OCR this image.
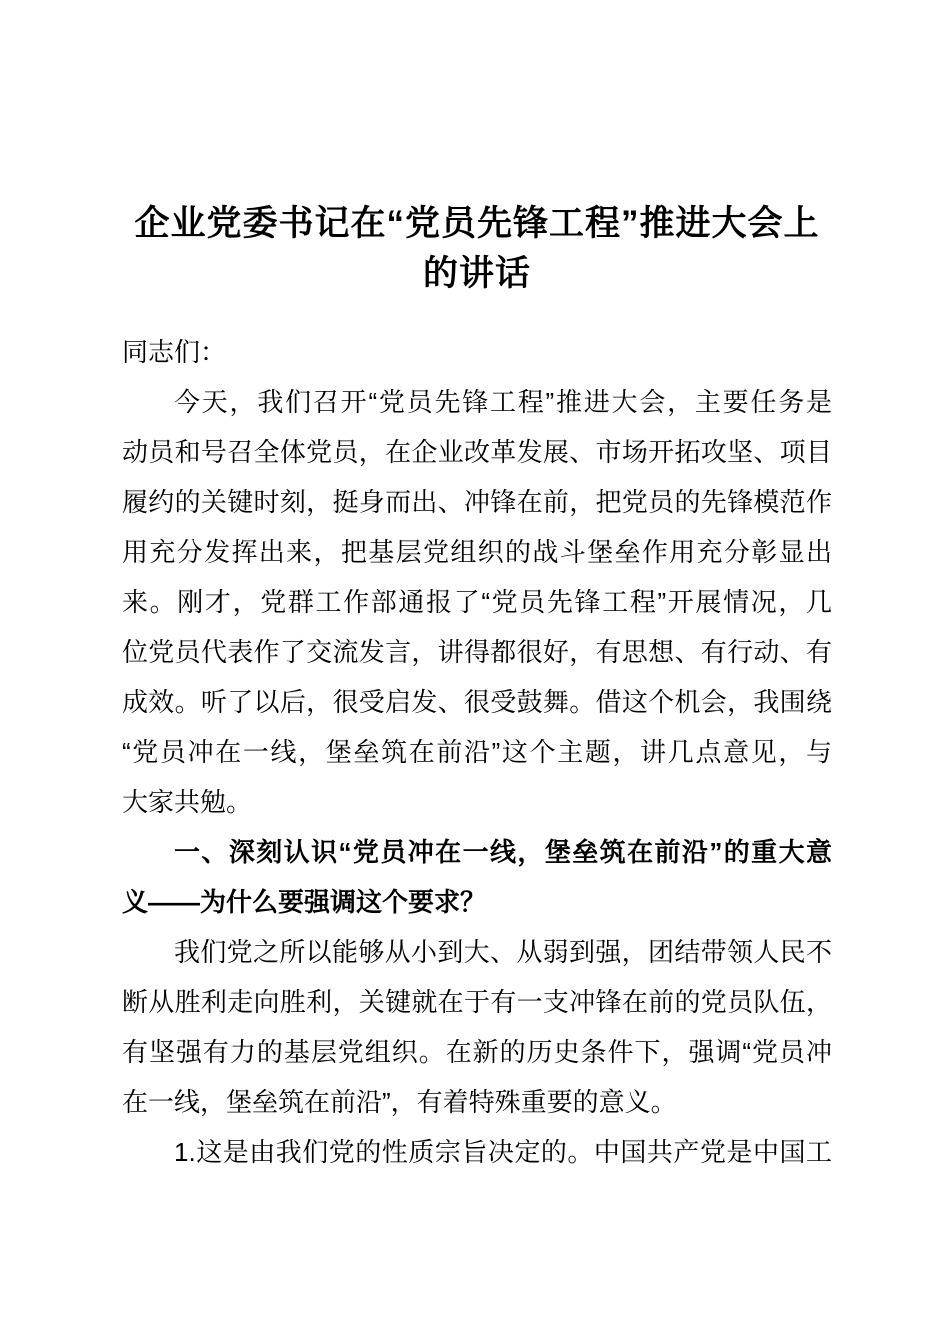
企业党委书记在“党员先锋工程”推进大会上
的讲话
同志们：
今天，我们召开“党员先锋工程”推进大会，主要任务是
动员和号召全体党员，在企业改革发展、市场开拓攻坚、项目
履约的关键时刻，挺身而出、冲锋在前，把党员的先锋模范作
用充分发挥出来，把基层党组织的战斗堡垒作用充分彰显出
来。刚才，党群工作部通报了“党员先锋工程”开展情况，几
位党员代表作了交流发言，讲得都很好，有思想、有行动、有
成效。听了以后，很受启发、很受鼓舞。借这个机会，我围绕
“党员冲在一线，堡垒筑在前沿”这个主题，讲几点意见，与
大家共勉。
一、深刻认识“党员冲在一线，堡垒筑在前沿”的重大意
义——为什么要强调这个要求？
我们党之所以能够从小到大、从弱到强，团结带领人民不
断从胜利走向胜利，关键就在于有一支冲锋在前的党员队伍，
有坚强有力的基层党组织。在新的历史条件下，强调“党员冲
在一线，堡垒筑在前沿”，有着特殊重要的意义。
1.这是由我们党的性质宗旨决定的。中国共产党是中国工
